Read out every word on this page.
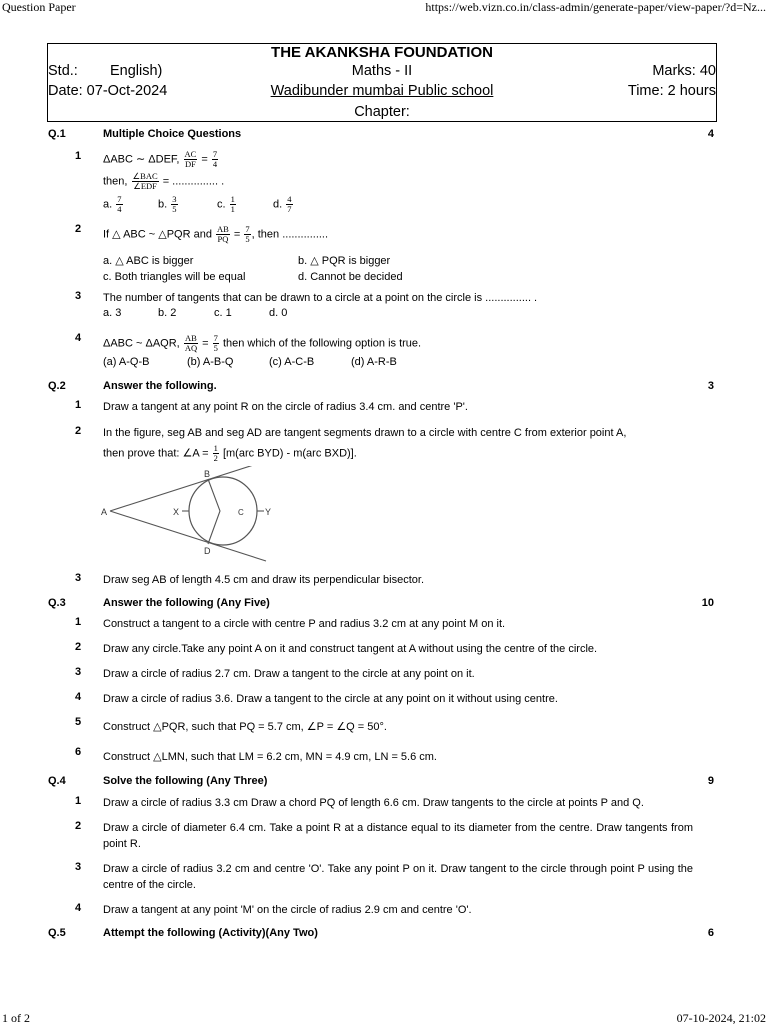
Question Paper	https://web.vizn.co.in/class-admin/generate-paper/view-paper/?d=Nz...
1 of 2	07-10-2024, 21:02
THE AKANKSHA FOUNDATION
Std.: English)	Maths - II	Marks: 40
Date: 07-Oct-2024	Wadibunder mumbai Public school	Time: 2 hours
Chapter:
Q.1	Multiple Choice Questions	4
1 ΔABC ∼ ΔDEF, $\frac{AC}{DF} = \frac{7}{4}$
then, $\frac{\text{∠BAC}}{\text{∠EDF}}$ = ............... .
a. $\frac{7}{4}$	b. $\frac{3}{5}$	c. $\frac{1}{1}$	d. $\frac{4}{7}$
2 If △ ABC ~ △PQR and $\frac{AB}{PQ} = \frac{7}{5}$ , then ...............
a. △ ABC is bigger	b. △ PQR is bigger
c. Both triangles will be equal	d. Cannot be decided
3 The number of tangents that can be drawn to a circle at a point on the circle is ............... .
a. 3	b. 2	c. 1	d. 0
4 ΔABC ~ ΔAQR, $\frac{AB}{AQ} = \frac{7}{5}$ then which of the following option is true.
(a) A-Q-B	(b) A-B-Q	(c) A-C-B	(d) A-R-B
Q.2	Answer the following.	3
1 Draw a tangent at any point R on the circle of radius 3.4 cm. and centre 'P'.
2 In the figure, seg AB and seg AD are tangent segments drawn to a circle with centre C from exterior point A,
then prove that: ∠A = $\frac{1}{2} [m(arc$ BYD) - m(arc BXD)].
A
B
C
D
X	Y
3 Draw seg AB of length 4.5 cm and draw its perpendicular bisector.
Q.3	Answer the following (Any Five)	10
1 Construct a tangent to a circle with centre P and radius 3.2 cm at any point M on it.
2 Draw any circle.Take any point A on it and construct tangent at A without using the centre of the circle.
3 Draw a circle of radius 2.7 cm. Draw a tangent to the circle at any point on it.
4 Draw a circle of radius 3.6. Draw a tangent to the circle at any point on it without using centre.
5 Construct △PQR, such that PQ = 5.7 cm, ∠P = ∠Q = 50°.
6 Construct △LMN, such that LM = 6.2 cm, MN = 4.9 cm, LN = 5.6 cm.
Q.4	Solve the following (Any Three)	9
1 Draw a circle of radius 3.3 cm Draw a chord PQ of length 6.6 cm. Draw tangents to the circle at points P and Q.
2 Draw a circle of diameter 6.4 cm. Take a point R at a distance equal to its diameter from the centre. Draw tangents from point R.
3 Draw a circle of radius 3.2 cm and centre 'O'. Take any point P on it. Draw tangent to the circle through point P using the centre of the circle.
4 Draw a tangent at any point 'M' on the circle of radius 2.9 cm and centre 'O'.
Q.5	Attempt the following (Activity)(Any Two)	6
